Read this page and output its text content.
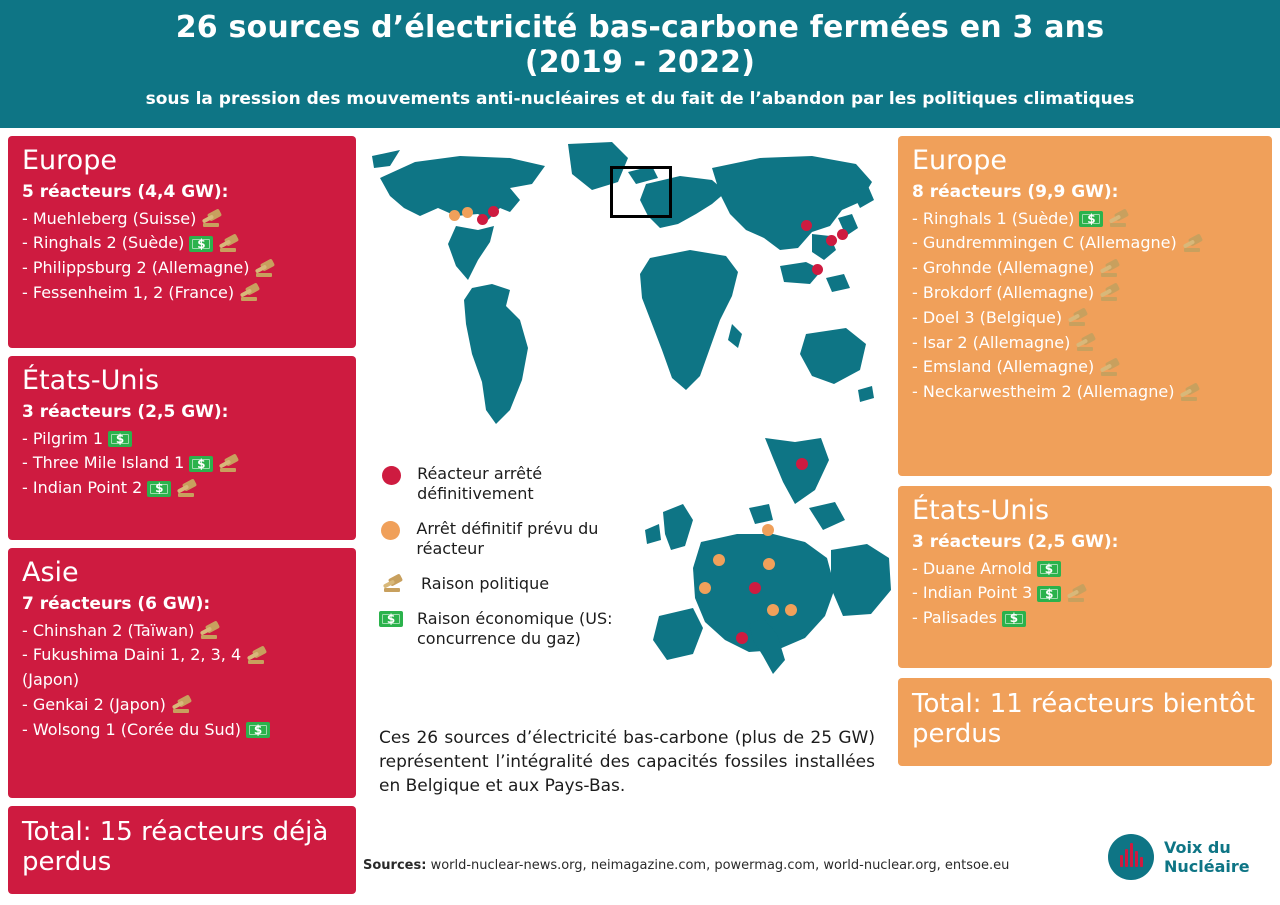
26 sources d’électricité bas-carbone fermées en 3 ans
(2019 - 2022)
sous la pression des mouvements anti-nucléaires et du fait de l’abandon par les politiques climatiques
Europe
5 réacteurs (4,4 GW):
- Muehleberg (Suisse)
- Ringhals 2 (Suède)
$
- Philippsburg 2 (Allemagne)
- Fessenheim 1, 2 (France)
États-Unis
3 réacteurs (2,5 GW):
- Pilgrim 1
$
- Three Mile Island 1
$
- Indian Point 2
$
Asie
7 réacteurs (6 GW):
- Chinshan 2 (Taïwan)
- Fukushima Daini 1, 2, 3, 4
(Japon)
- Genkai 2 (Japon)
- Wolsong 1 (Corée du Sud)
$
Total: 15 réacteurs déjà perdus
Réacteur arrêté définitivement
Arrêt définitif prévu du réacteur
Raison politique
$
Raison économique (US: concurrence du gaz)
Ces 26 sources d’électricité bas-carbone (plus de 25 GW) représentent l’intégralité des capacités fossiles installées en Belgique et aux Pays-Bas.
Sources: world-nuclear-news.org, neimagazine.com, powermag.com, world-nuclear.org, entsoe.eu
Europe
8 réacteurs (9,9 GW):
- Ringhals 1 (Suède)
$
- Gundremmingen C (Allemagne)
- Grohnde (Allemagne)
- Brokdorf (Allemagne)
- Doel 3 (Belgique)
- Isar 2 (Allemagne)
- Emsland (Allemagne)
- Neckarwestheim 2 (Allemagne)
États-Unis
3 réacteurs (2,5 GW):
- Duane Arnold
$
- Indian Point 3
$
- Palisades
$
Total: 11 réacteurs bientôt perdus
Voix du
Nucléaire
